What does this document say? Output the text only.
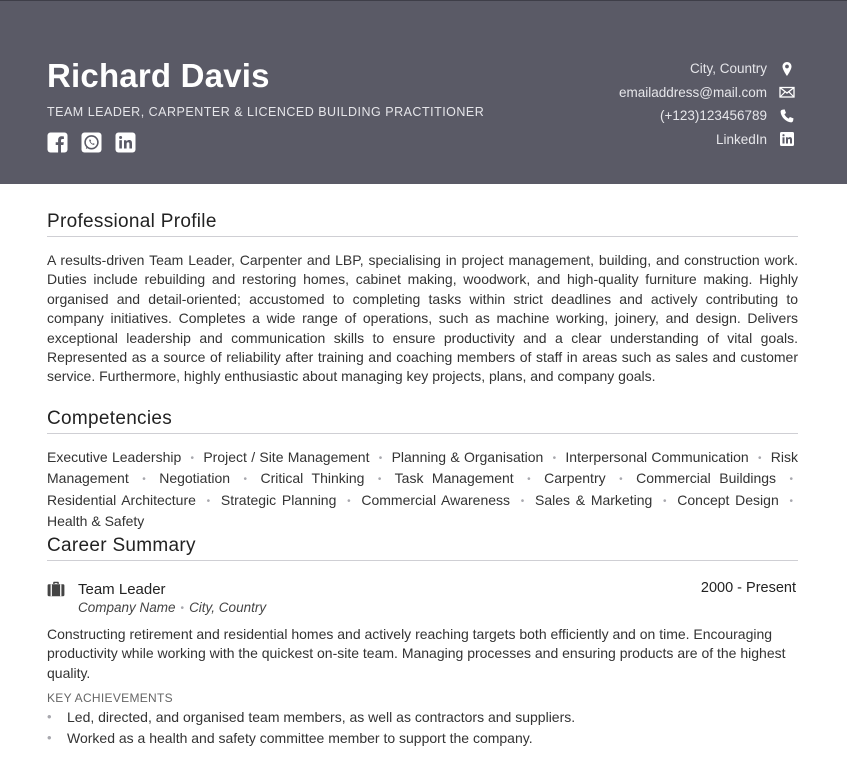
Richard Davis
TEAM LEADER, CARPENTER & LICENCED BUILDING PRACTITIONER
City, Country
emailaddress@mail.com
(+123)123456789
LinkedIn
Professional Profile
A results-driven Team Leader, Carpenter and LBP, specialising in project management, building, and construction work. Duties include rebuilding and restoring homes, cabinet making, woodwork, and high-quality furniture making. Highly organised and detail-oriented; accustomed to completing tasks within strict deadlines and actively contributing to company initiatives. Completes a wide range of operations, such as machine working, joinery, and design. Delivers exceptional leadership and communication skills to ensure productivity and a clear understanding of vital goals. Represented as a source of reliability after training and coaching members of staff in areas such as sales and customer service. Furthermore, highly enthusiastic about managing key projects, plans, and company goals.
Competencies
Executive Leadership • Project / Site Management • Planning & Organisation • Interpersonal Communication • Risk Management • Negotiation • Critical Thinking • Task Management • Carpentry • Commercial Buildings • Residential Architecture • Strategic Planning • Commercial Awareness • Sales & Marketing • Concept Design • Health & Safety
Career Summary
Team Leader	2000 - Present
Company Name • City, Country
Constructing retirement and residential homes and actively reaching targets both efficiently and on time. Encouraging productivity while working with the quickest on-site team. Managing processes and ensuring products are of the highest quality.
KEY ACHIEVEMENTS
•	Led, directed, and organised team members, as well as contractors and suppliers.
•	Worked as a health and safety committee member to support the company.
